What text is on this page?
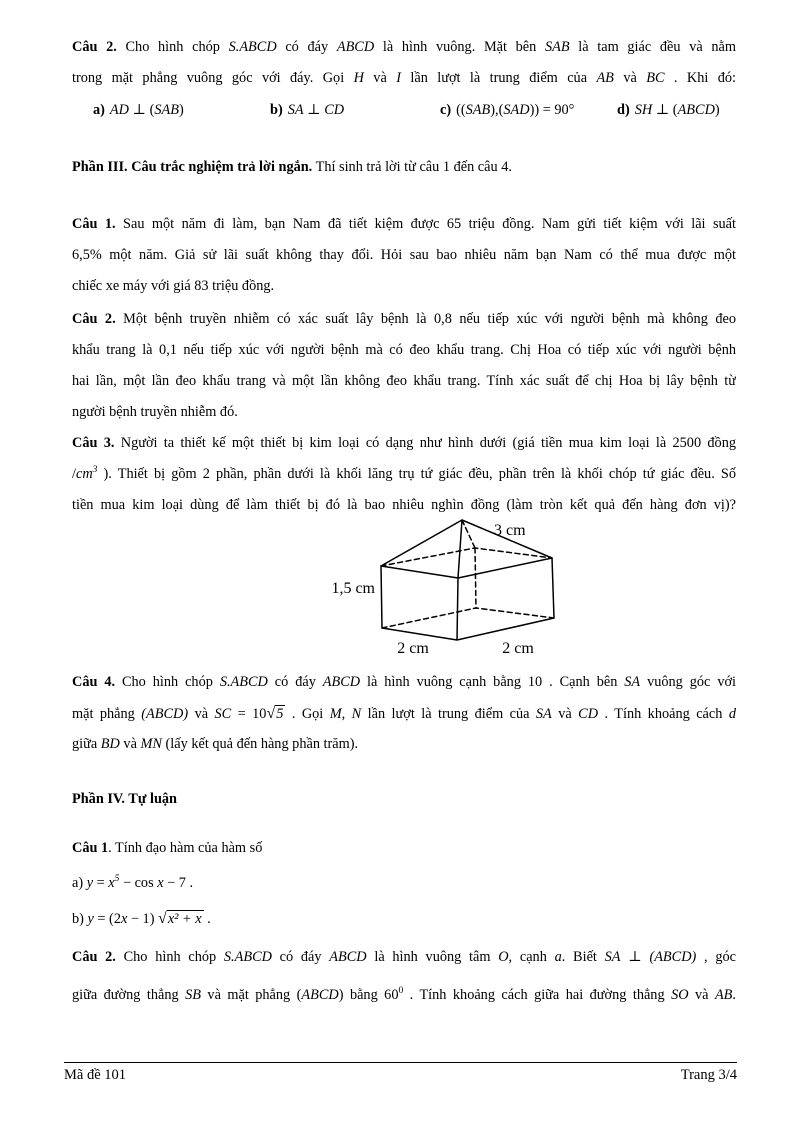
Câu 2. Cho hình chóp S.ABCD có đáy ABCD là hình vuông. Mặt bên SAB là tam giác đều và nằm
trong mặt phẳng vuông góc với đáy. Gọi H và I lần lượt là trung điểm của AB và BC . Khi đó:
a) AD ⊥ (SAB)	b) SA ⊥ CD	c) ((SAB),(SAD)) = 90°	d) SH ⊥ (ABCD)
Phần III. Câu trắc nghiệm trả lời ngắn. Thí sinh trả lời từ câu 1 đến câu 4.
Câu 1. Sau một năm đi làm, bạn Nam đã tiết kiệm được 65 triệu đồng. Nam gửi tiết kiệm với lãi suất
6,5% một năm. Giả sử lãi suất không thay đổi. Hỏi sau bao nhiêu năm bạn Nam có thể mua được một
chiếc xe máy với giá 83 triệu đồng.
Câu 2. Một bệnh truyền nhiễm có xác suất lây bệnh là 0,8 nếu tiếp xúc với người bệnh mà không đeo
khẩu trang là 0,1 nếu tiếp xúc với người bệnh mà có đeo khẩu trang. Chị Hoa có tiếp xúc với người bệnh
hai lần, một lần đeo khẩu trang và một lần không đeo khẩu trang. Tính xác suất để chị Hoa bị lây bệnh từ
người bệnh truyền nhiễm đó.
Câu 3. Người ta thiết kế một thiết bị kim loại có dạng như hình dưới (giá tiền mua kim loại là 2500 đồng
$/cm^3$ ). Thiết bị gồm 2 phần, phần dưới là khối lăng trụ tứ giác đều, phần trên là khối chóp tứ giác đều. Số
tiền mua kim loại dùng để làm thiết bị đó là bao nhiêu nghìn đồng (làm tròn kết quả đến hàng đơn vị)?
3 cm
1,5 cm
2 cm	2 cm
Câu 4. Cho hình chóp S.ABCD có đáy ABCD là hình vuông cạnh bằng 10 . Cạnh bên SA vuông góc với
mặt phẳng (ABCD) và SC = 10√5 . Gọi M, N lần lượt là trung điểm của SA và CD . Tính khoảng cách d
giữa BD và MN (lấy kết quả đến hàng phần trăm).
Phần IV. Tự luận
Câu 1. Tính đạo hàm của hàm số
a) $y = x^5 - \cos x - 7$ .
b) y = (2x − 1) √x² + x .
Câu 2. Cho hình chóp S.ABCD có đáy ABCD là hình vuông tâm O, cạnh a. Biết SA ⊥ (ABCD) , góc
giữa đường thẳng SB và mặt phẳng (ABCD) bằng $60^0$ . Tính khoảng cách giữa hai đường thẳng SO và AB.
Mã đề 101	Trang 3/4
